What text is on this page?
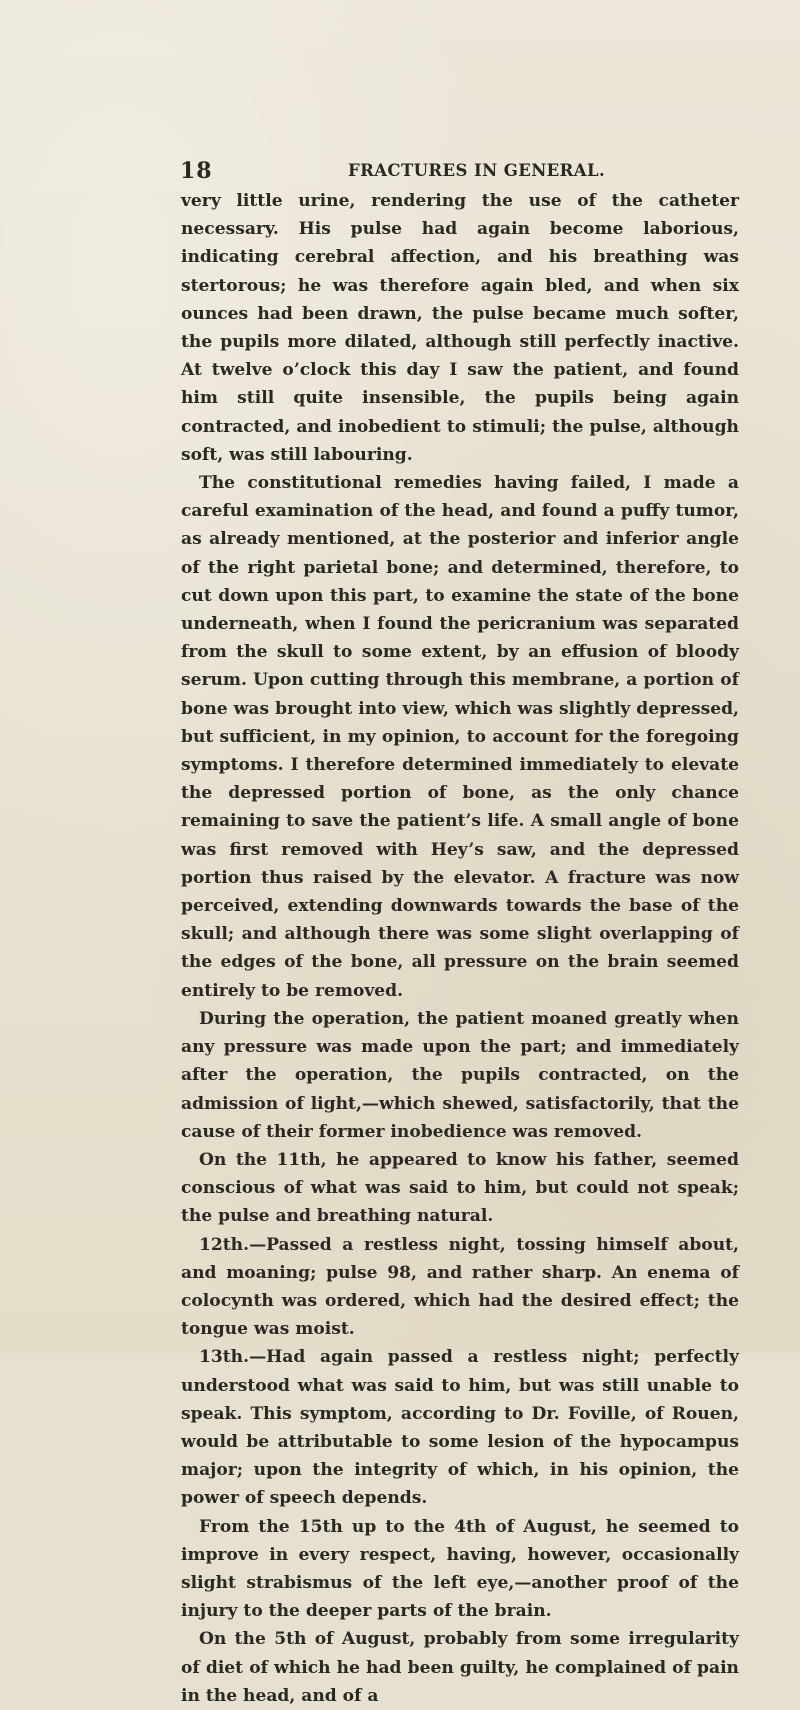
18	FRACTURES IN GENERAL.

very little urine, rendering the use of the catheter necessary. His pulse had again become laborious, indicating cerebral affection, and his breathing was stertorous; he was therefore again bled, and when six ounces had been drawn, the pulse became much softer, the pupils more dilated, although still perfectly inactive. At twelve o’clock this day I saw the patient, and found him still quite insensible, the pupils being again contracted, and inobedient to stimuli; the pulse, although soft, was still labouring.

The constitutional remedies having failed, I made a careful examination of the head, and found a puffy tumor, as already mentioned, at the posterior and inferior angle of the right parietal bone; and determined, therefore, to cut down upon this part, to examine the state of the bone underneath, when I found the pericranium was separated from the skull to some extent, by an effusion of bloody serum. Upon cutting through this membrane, a portion of bone was brought into view, which was slightly depressed, but sufficient, in my opinion, to account for the foregoing symptoms. I therefore determined immediately to elevate the depressed portion of bone, as the only chance remaining to save the patient’s life. A small angle of bone was first removed with Hey’s saw, and the depressed portion thus raised by the elevator. A fracture was now perceived, extending downwards towards the base of the skull; and although there was some slight overlapping of the edges of the bone, all pressure on the brain seemed entirely to be removed.

During the operation, the patient moaned greatly when any pressure was made upon the part; and immediately after the operation, the pupils contracted, on the admission of light,—which shewed, satisfactorily, that the cause of their former inobedience was removed.

On the 11th, he appeared to know his father, seemed conscious of what was said to him, but could not speak; the pulse and breathing natural.

12th.—Passed a restless night, tossing himself about, and moaning; pulse 98, and rather sharp. An enema of colocynth was ordered, which had the desired effect; the tongue was moist.

13th.—Had again passed a restless night; perfectly understood what was said to him, but was still unable to speak. This symptom, according to Dr. Foville, of Rouen, would be attributable to some lesion of the hypocampus major; upon the integrity of which, in his opinion, the power of speech depends.

From the 15th up to the 4th of August, he seemed to improve in every respect, having, however, occasionally slight strabismus of the left eye,—another proof of the injury to the deeper parts of the brain.

On the 5th of August, probably from some irregularity of diet of which he had been guilty, he complained of pain in the head, and of a
